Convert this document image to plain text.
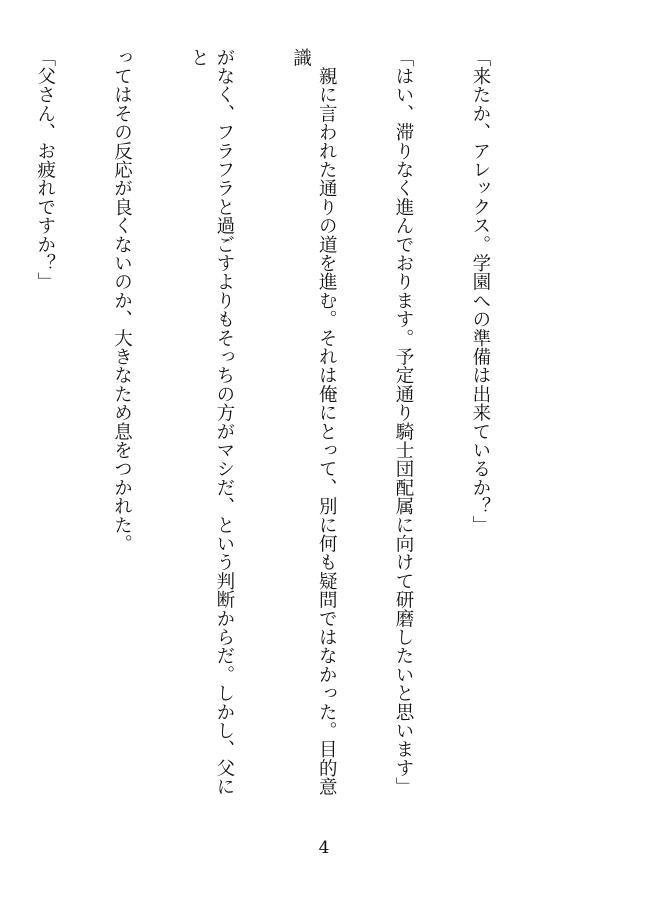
「来たか、アレックス。学園への準備は出来ているか？」

「はい、滞りなく進んでおります。予定通り騎士団配属に向けて研磨したいと思います」

　親に言われた通りの道を進む。それは俺にとって、別に何も疑問ではなかった。目的意識

がなく、フラフラと過ごすよりもそっちの方がマシだ、という判断からだ。しかし、父にと

ってはその反応が良くないのか、大きなため息をつかれた。

「父さん、お疲れですか？」

4
